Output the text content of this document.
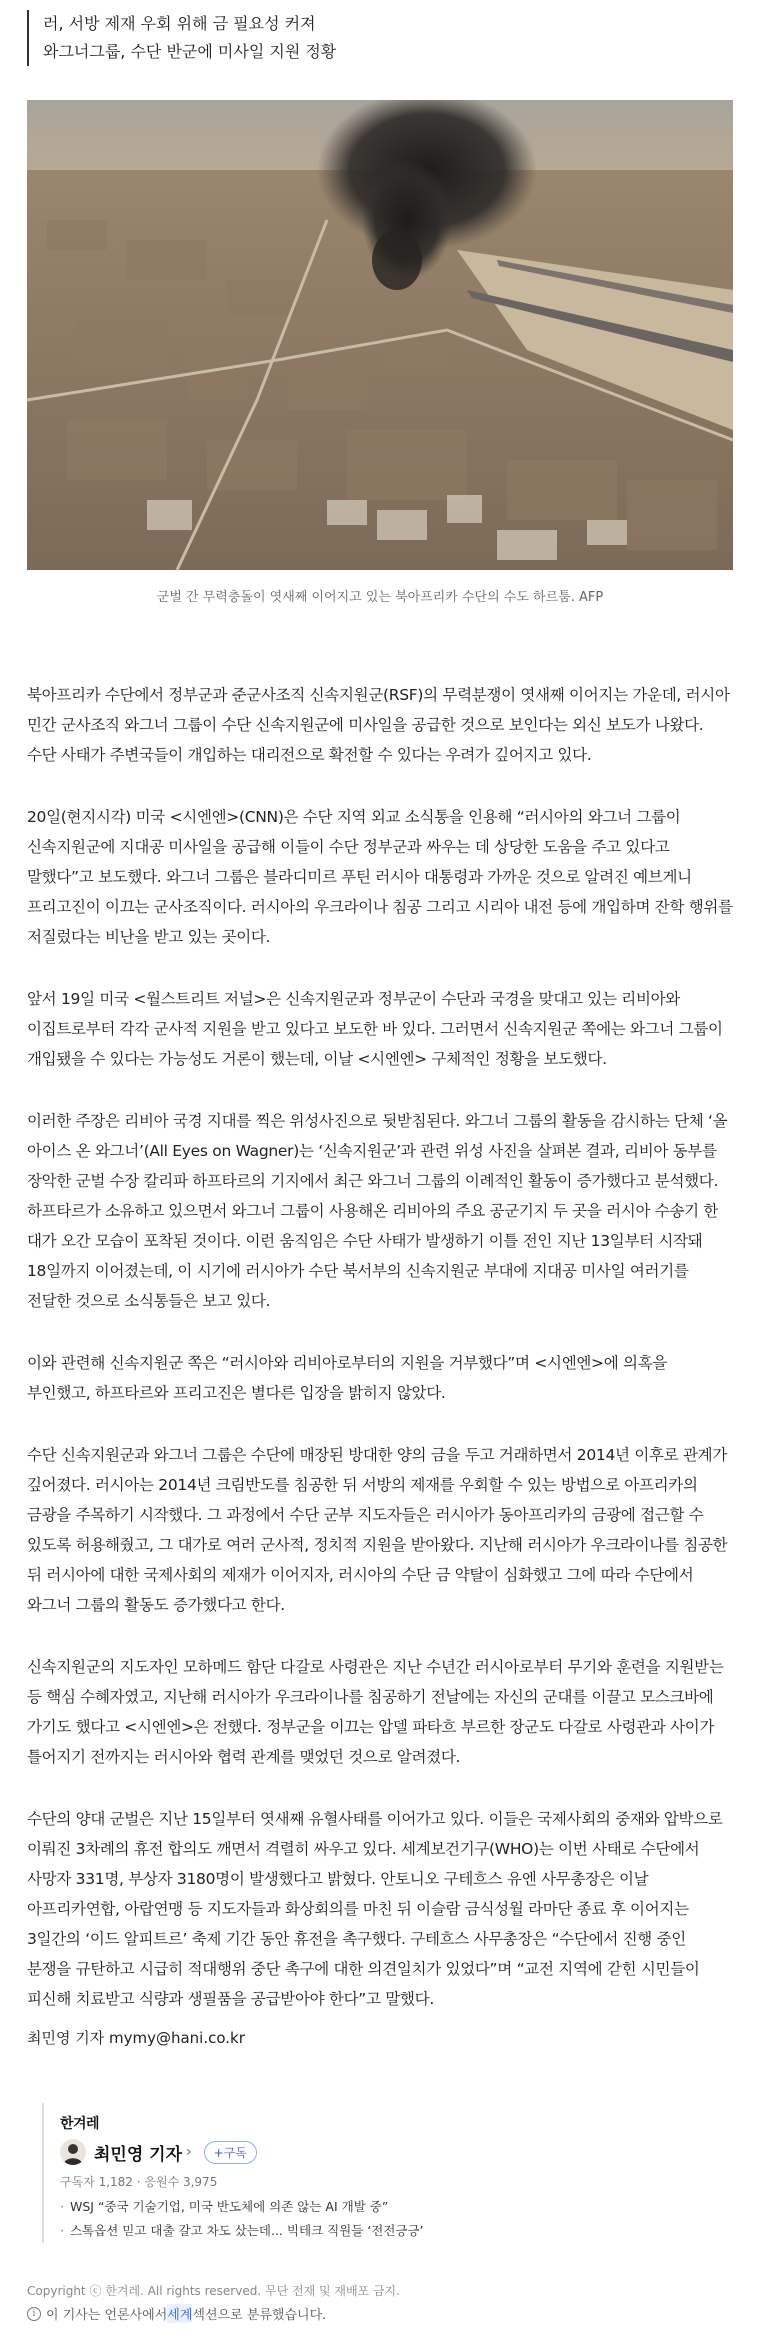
러, 서방 제재 우회 위해 금 필요성 커져
와그너그룹, 수단 반군에 미사일 지원 정황
군벌 간 무력충돌이 엿새째 이어지고 있는 북아프리카 수단의 수도 하르툼. AFP

북아프리카 수단에서 정부군과 준군사조직 신속지원군(RSF)의 무력분쟁이 엿새째 이어지는 가운데, 러시아 민간 군사조직 와그너 그룹이 수단 신속지원군에 미사일을 공급한 것으로 보인다는 외신 보도가 나왔다. 수단 사태가 주변국들이 개입하는 대리전으로 확전할 수 있다는 우려가 깊어지고 있다.

20일(현지시각) 미국 <시엔엔>(CNN)은 수단 지역 외교 소식통을 인용해 “러시아의 와그너 그룹이 신속지원군에 지대공 미사일을 공급해 이들이 수단 정부군과 싸우는 데 상당한 도움을 주고 있다고 말했다”고 보도했다. 와그너 그룹은 블라디미르 푸틴 러시아 대통령과 가까운 것으로 알려진 예브게니 프리고진이 이끄는 군사조직이다. 러시아의 우크라이나 침공 그리고 시리아 내전 등에 개입하며 잔학 행위를 저질렀다는 비난을 받고 있는 곳이다.

앞서 19일 미국 <월스트리트 저널>은 신속지원군과 정부군이 수단과 국경을 맞대고 있는 리비아와 이집트로부터 각각 군사적 지원을 받고 있다고 보도한 바 있다. 그러면서 신속지원군 쪽에는 와그너 그룹이 개입됐을 수 있다는 가능성도 거론이 했는데, 이날 <시엔엔> 구체적인 정황을 보도했다.

이러한 주장은 리비아 국경 지대를 찍은 위성사진으로 뒷받침된다. 와그너 그룹의 활동을 감시하는 단체 ‘올 아이스 온 와그너’(All Eyes on Wagner)는 ‘신속지원군’과 관련 위성 사진을 살펴본 결과, 리비아 동부를 장악한 군벌 수장 칼리파 하프타르의 기지에서 최근 와그너 그룹의 이례적인 활동이 증가했다고 분석했다. 하프타르가 소유하고 있으면서 와그너 그룹이 사용해온 리비아의 주요 공군기지 두 곳을 러시아 수송기 한 대가 오간 모습이 포착된 것이다. 이런 움직임은 수단 사태가 발생하기 이틀 전인 지난 13일부터 시작돼 18일까지 이어졌는데, 이 시기에 러시아가 수단 북서부의 신속지원군 부대에 지대공 미사일 여러기를 전달한 것으로 소식통들은 보고 있다.

이와 관련해 신속지원군 쪽은 “러시아와 리비아로부터의 지원을 거부했다”며 <시엔엔>에 의혹을 부인했고, 하프타르와 프리고진은 별다른 입장을 밝히지 않았다.

수단 신속지원군과 와그너 그룹은 수단에 매장된 방대한 양의 금을 두고 거래하면서 2014년 이후로 관계가 깊어졌다. 러시아는 2014년 크림반도를 침공한 뒤 서방의 제재를 우회할 수 있는 방법으로 아프리카의 금광을 주목하기 시작했다. 그 과정에서 수단 군부 지도자들은 러시아가 동아프리카의 금광에 접근할 수 있도록 허용해줬고, 그 대가로 여러 군사적, 정치적 지원을 받아왔다. 지난해 러시아가 우크라이나를 침공한 뒤 러시아에 대한 국제사회의 제재가 이어지자, 러시아의 수단 금 약탈이 심화했고 그에 따라 수단에서 와그너 그룹의 활동도 증가했다고 한다.

신속지원군의 지도자인 모하메드 함단 다갈로 사령관은 지난 수년간 러시아로부터 무기와 훈련을 지원받는 등 핵심 수혜자였고, 지난해 러시아가 우크라이나를 침공하기 전날에는 자신의 군대를 이끌고 모스크바에 가기도 했다고 <시엔엔>은 전했다. 정부군을 이끄는 압델 파타흐 부르한 장군도 다갈로 사령관과 사이가 틀어지기 전까지는 러시아와 협력 관계를 맺었던 것으로 알려졌다.

수단의 양대 군벌은 지난 15일부터 엿새째 유혈사태를 이어가고 있다. 이들은 국제사회의 중재와 압박으로 이뤄진 3차례의 휴전 합의도 깨면서 격렬히 싸우고 있다. 세계보건기구(WHO)는 이번 사태로 수단에서 사망자 331명, 부상자 3180명이 발생했다고 밝혔다. 안토니오 구테흐스 유엔 사무총장은 이날 아프리카연합, 아랍연맹 등 지도자들과 화상회의를 마친 뒤 이슬람 금식성월 라마단 종료 후 이어지는 3일간의 ‘이드 알피트르’ 축제 기간 동안 휴전을 촉구했다. 구테흐스 사무총장은 “수단에서 진행 중인 분쟁을 규탄하고 시급히 적대행위 중단 촉구에 대한 의견일치가 있었다”며 “교전 지역에 갇힌 시민들이 피신해 치료받고 식량과 생필품을 공급받아야 한다”고 말했다.

최민영 기자 mymy@hani.co.kr
한겨레
최민영 기자 ›	+구독
구독자 1,182 · 응원수 3,975
· WSJ “중국 기술기업, 미국 반도체에 의존 않는 AI 개발 중”
· 스톡옵션 믿고 대출 갈고 차도 샀는데... 빅테크 직원들 ‘전전긍긍’
Copyright ⓒ 한겨레. All rights reserved. 무단 전재 및 재배포 금지.
i 이 기사는 언론사에서 세계 섹션으로 분류했습니다.
